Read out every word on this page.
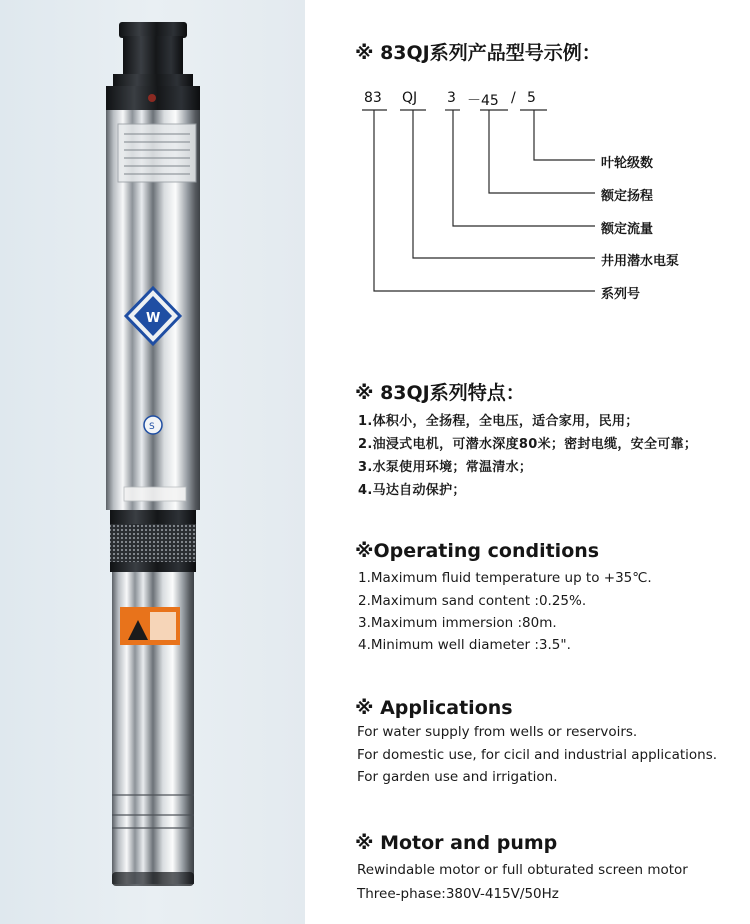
W
S
※ 83QJ系列产品型号示例：
83 QJ 3 －45 / 5
叶轮级数
额定扬程
额定流量
井用潜水电泵
系列号
※ 83QJ系列特点：
1.体积小，全扬程，全电压，适合家用，民用；
2.油浸式电机，可潜水深度80米；密封电缆，安全可靠；
3.水泵使用环境；常温清水；
4.马达自动保护；
※Operating conditions
1.Maximum fluid temperature up to +35℃.
2.Maximum sand content :0.25%.
3.Maximum immersion :80m.
4.Minimum well diameter :3.5".
※ Applications
For water supply from wells or reservoirs.
For domestic use, for cicil and industrial applications.
For garden use and irrigation.
※ Motor and pump
Rewindable motor or full obturated screen motor
Three-phase:380V-415V/50Hz
